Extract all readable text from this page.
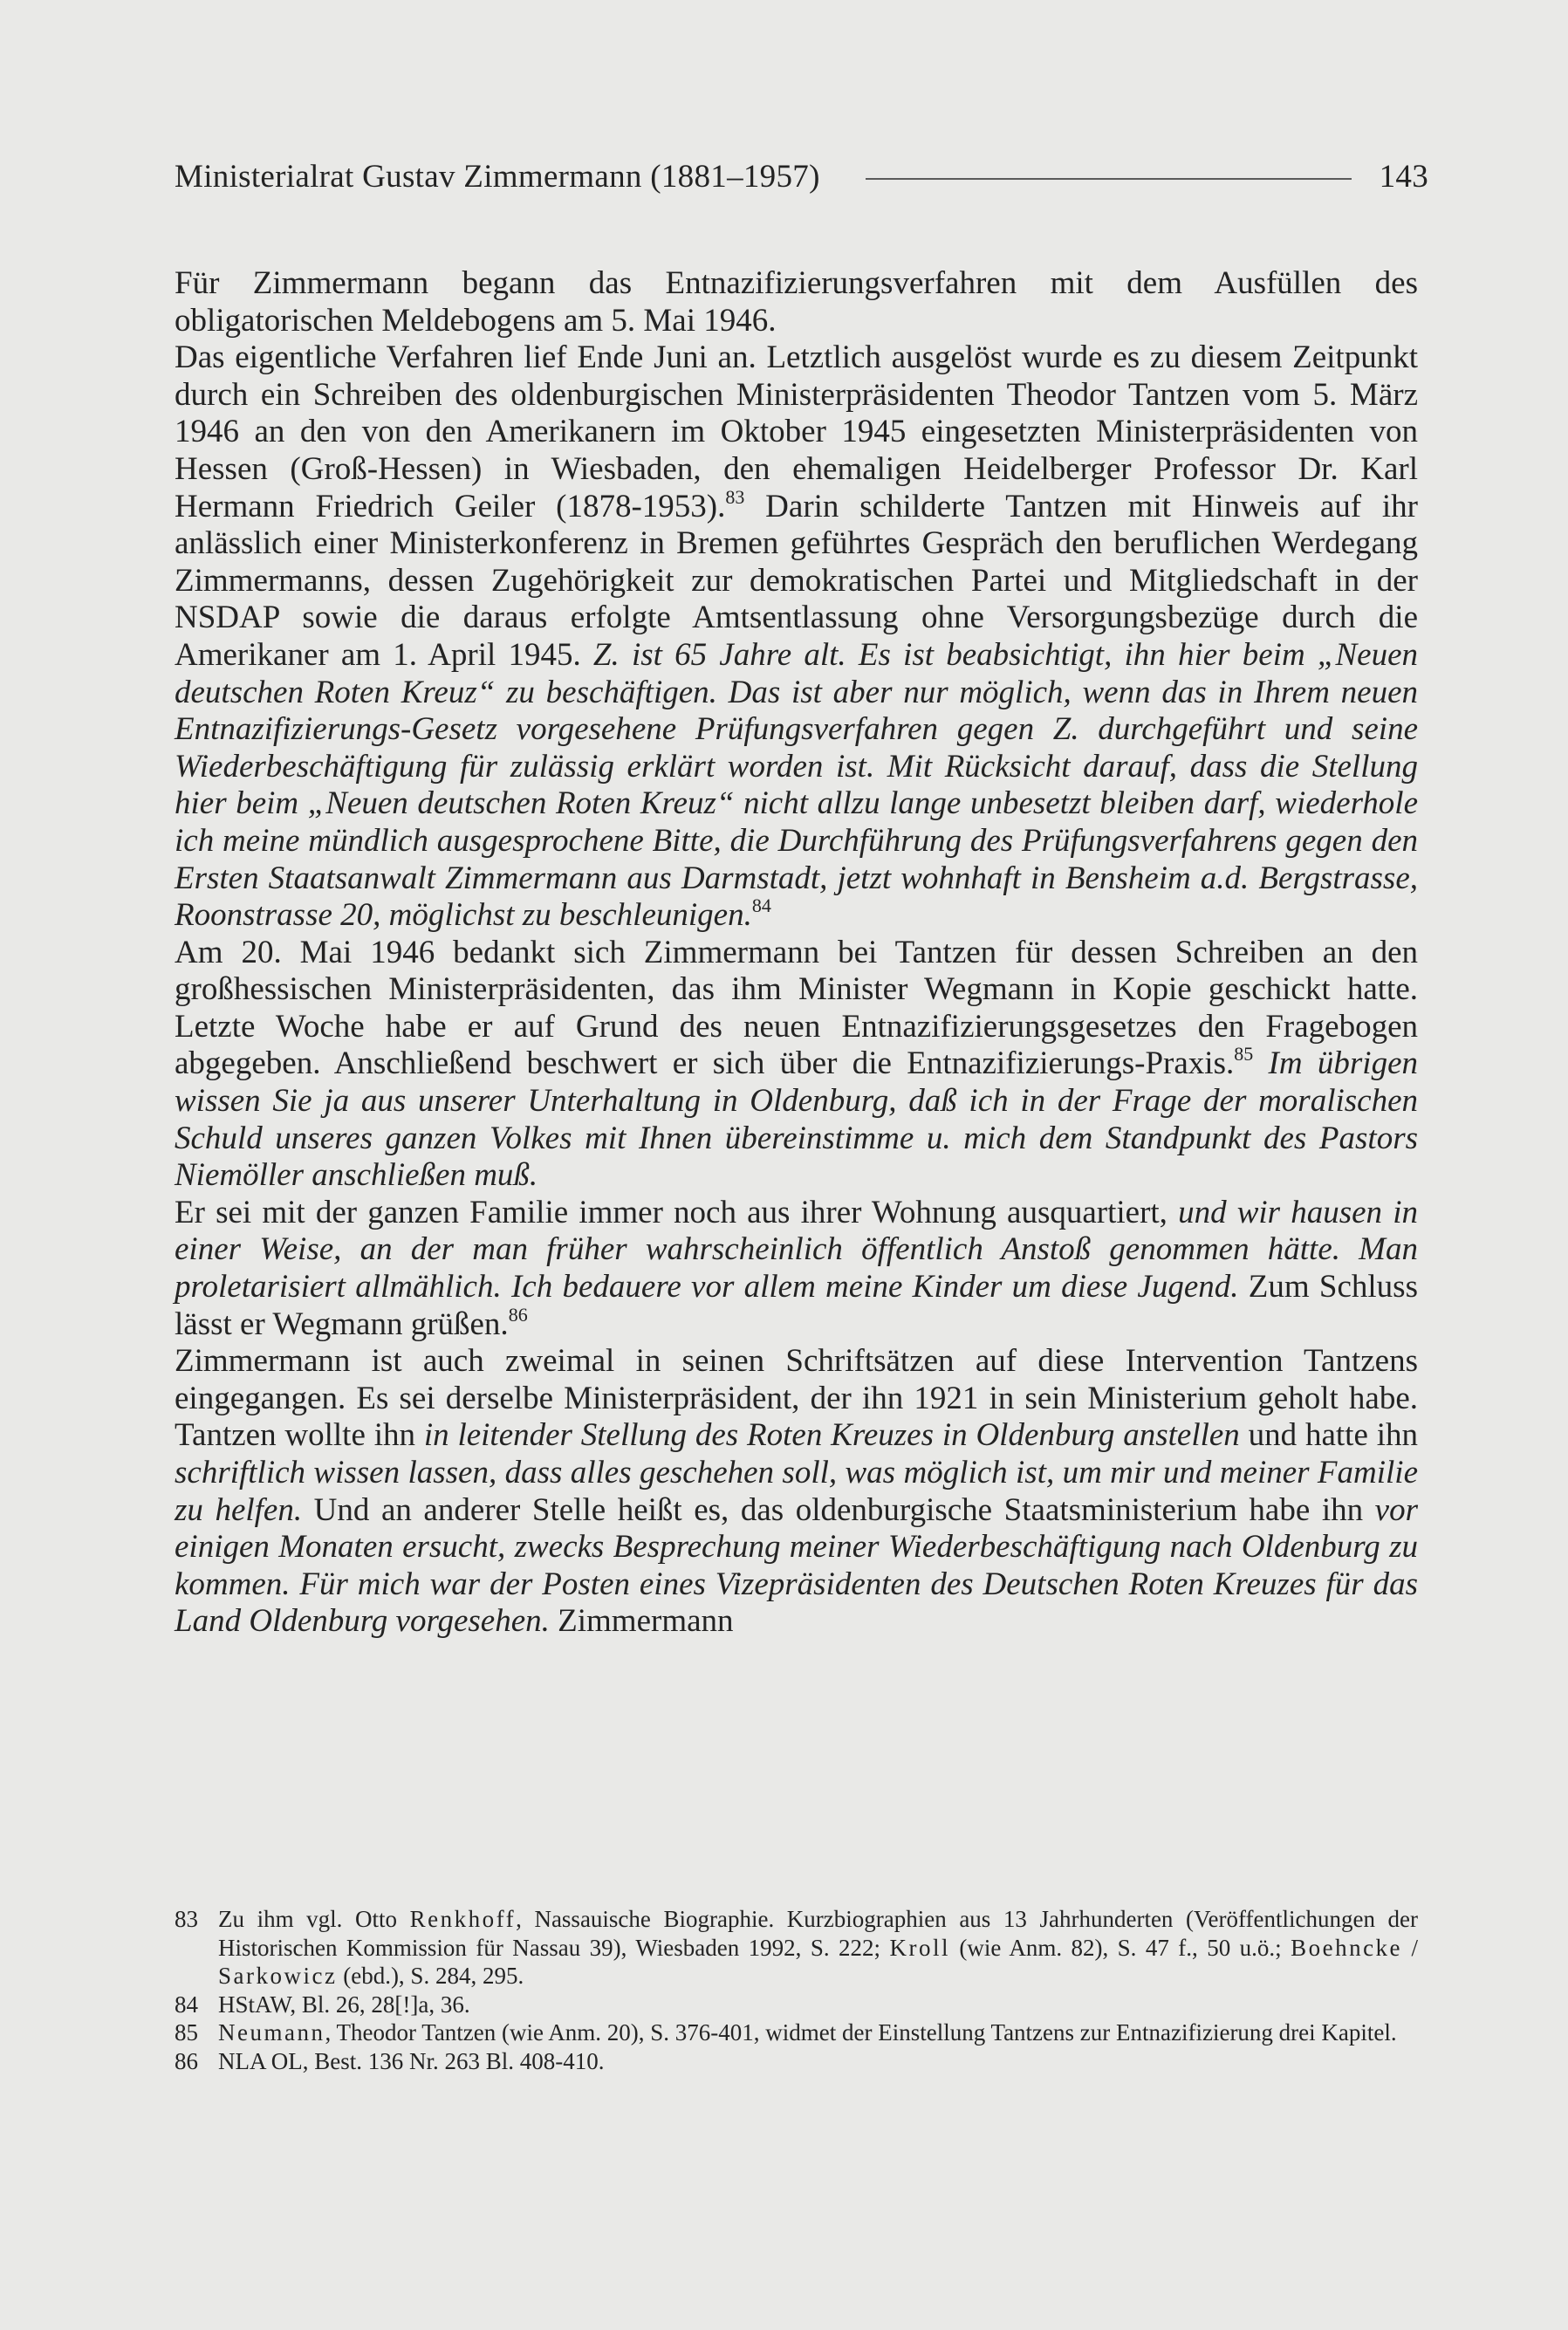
Ministerialrat Gustav Zimmermann (1881–1957)	143

Für Zimmermann begann das Entnazifizierungsverfahren mit dem Ausfüllen des obligatorischen Meldebogens am 5. Mai 1946.

Das eigentliche Verfahren lief Ende Juni an. Letztlich ausgelöst wurde es zu diesem Zeitpunkt durch ein Schreiben des oldenburgischen Ministerpräsidenten Theodor Tantzen vom 5. März 1946 an den von den Amerikanern im Oktober 1945 eingesetzten Ministerpräsidenten von Hessen (Groß-Hessen) in Wiesbaden, den ehemaligen Heidelberger Professor Dr. Karl Hermann Friedrich Geiler (1878-1953).$^{83}$ Darin schilderte Tantzen mit Hinweis auf ihr anlässlich einer Ministerkonferenz in Bremen geführtes Gespräch den beruflichen Werdegang Zimmermanns, dessen Zugehörigkeit zur demokratischen Partei und Mitgliedschaft in der NSDAP sowie die daraus erfolgte Amtsentlassung ohne Versorgungsbezüge durch die Amerikaner am 1. April 1945. Z. ist 65 Jahre alt. Es ist beabsichtigt, ihn hier beim „Neuen deutschen Roten Kreuz“ zu beschäftigen. Das ist aber nur möglich, wenn das in Ihrem neuen Entnazifizierungs-Gesetz vorgesehene Prüfungsverfahren gegen Z. durchgeführt und seine Wiederbeschäftigung für zulässig erklärt worden ist. Mit Rücksicht darauf, dass die Stellung hier beim „Neuen deutschen Roten Kreuz“ nicht allzu lange unbesetzt bleiben darf, wiederhole ich meine mündlich ausgesprochene Bitte, die Durchführung des Prüfungsverfahrens gegen den Ersten Staatsanwalt Zimmermann aus Darmstadt, jetzt wohnhaft in Bensheim a.d. Bergstrasse, Roonstrasse 20, möglichst zu beschleunigen.$^{84}$

Am 20. Mai 1946 bedankt sich Zimmermann bei Tantzen für dessen Schreiben an den großhessischen Ministerpräsidenten, das ihm Minister Wegmann in Kopie geschickt hatte. Letzte Woche habe er auf Grund des neuen Entnazifizierungsgesetzes den Fragebogen abgegeben. Anschließend beschwert er sich über die Entnazifizierungs-Praxis.$^{85}$ Im übrigen wissen Sie ja aus unserer Unterhaltung in Oldenburg, daß ich in der Frage der moralischen Schuld unseres ganzen Volkes mit Ihnen übereinstimme u. mich dem Standpunkt des Pastors Niemöller anschließen muß.

Er sei mit der ganzen Familie immer noch aus ihrer Wohnung ausquartiert, und wir hausen in einer Weise, an der man früher wahrscheinlich öffentlich Anstoß genommen hätte. Man proletarisiert allmählich. Ich bedauere vor allem meine Kinder um diese Jugend. Zum Schluss lässt er Wegmann grüßen.$^{86}$

Zimmermann ist auch zweimal in seinen Schriftsätzen auf diese Intervention Tantzens eingegangen. Es sei derselbe Ministerpräsident, der ihn 1921 in sein Ministerium geholt habe. Tantzen wollte ihn in leitender Stellung des Roten Kreuzes in Oldenburg anstellen und hatte ihn schriftlich wissen lassen, dass alles geschehen soll, was möglich ist, um mir und meiner Familie zu helfen. Und an anderer Stelle heißt es, das oldenburgische Staatsministerium habe ihn vor einigen Monaten ersucht, zwecks Besprechung meiner Wiederbeschäftigung nach Oldenburg zu kommen. Für mich war der Posten eines Vizepräsidenten des Deutschen Roten Kreuzes für das Land Oldenburg vorgesehen. Zimmermann

83 Zu ihm vgl. Otto Renkhoff, Nassauische Biographie. Kurzbiographien aus 13 Jahrhunderten (Veröffentlichungen der Historischen Kommission für Nassau 39), Wiesbaden 1992, S. 222; Kroll (wie Anm. 82), S. 47 f., 50 u.ö.; Boehncke / Sarkowicz (ebd.), S. 284, 295.
84 HStAW, Bl. 26, 28[!]a, 36.
85 Neumann, Theodor Tantzen (wie Anm. 20), S. 376-401, widmet der Einstellung Tantzens zur Entnazifizierung drei Kapitel.
86 NLA OL, Best. 136 Nr. 263 Bl. 408-410.
